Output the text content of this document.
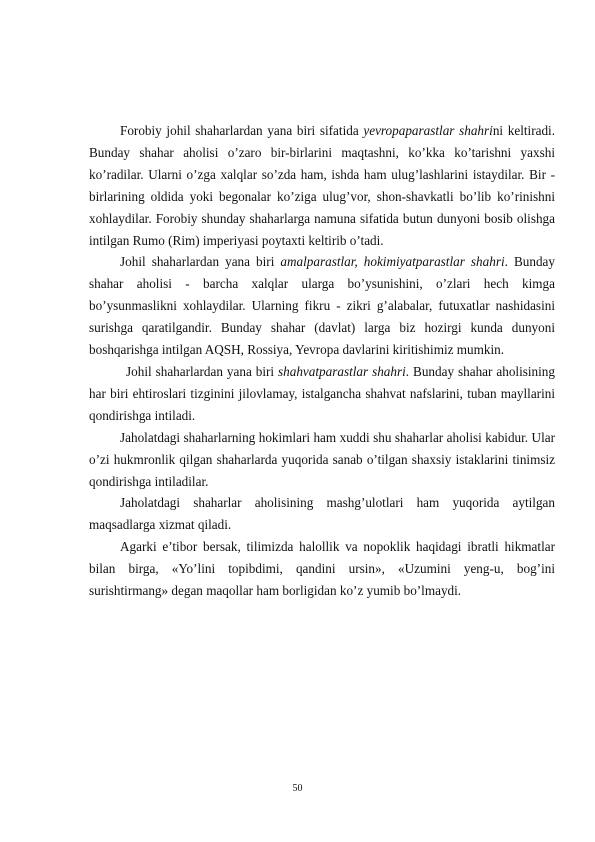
Forobiy johil shaharlardan yana biri sifatida yevropaparastlar shahrini keltiradi. Bunday shahar aholisi o’zaro bir-birlarini maqtashni, ko’kka ko’tarishni yaxshi ko’radilar. Ularni o’zga xalqlar so’zda ham, ishda ham ulug’lashlarini istaydilar. Bir - birlarining oldida yoki begonalar ko’ziga ulug’vor, shon-shavkatli bo’lib ko’rinishni xohlaydilar. Forobiy shunday shaharlarga namuna sifatida butun dunyoni bosib olishga intilgan Rumo (Rim) imperiyasi poytaxti keltirib o’tadi.

Johil shaharlardan yana biri amalparastlar, hokimiyatparastlar shahri. Bunday shahar aholisi - barcha xalqlar ularga bo’ysunishini, o’zlari hech kimga bo’ysunmaslikni xohlaydilar. Ularning fikru - zikri g’alabalar, futuxatlar nashidasini surishga qaratilgandir. Bunday shahar (davlat) larga biz hozirgi kunda dunyoni boshqarishga intilgan AQSH, Rossiya, Yevropa davlarini kiritishimiz mumkin.

Johil shaharlardan yana biri shahvatparastlar shahri. Bunday shahar aholisining har biri ehtiroslari tizginini jilovlamay, istalgancha shahvat nafslarini, tuban mayllarini qondirishga intiladi.

Jaholatdagi shaharlarning hokimlari ham xuddi shu shaharlar aholisi kabidur. Ular o’zi hukmronlik qilgan shaharlarda yuqorida sanab o’tilgan shaxsiy istaklarini tinimsiz qondirishga intiladilar.

Jaholatdagi shaharlar aholisining mashg’ulotlari ham yuqorida aytilgan maqsadlarga xizmat qiladi.

Agarki e’tibor bersak, tilimizda halollik va nopoklik haqidagi ibratli hikmatlar bilan birga, «Yo’lini topibdimi, qandini ursin», «Uzumini yeng-u, bog’ini surishtirmang» degan maqollar ham borligidan ko’z yumib bo’lmaydi.

50
